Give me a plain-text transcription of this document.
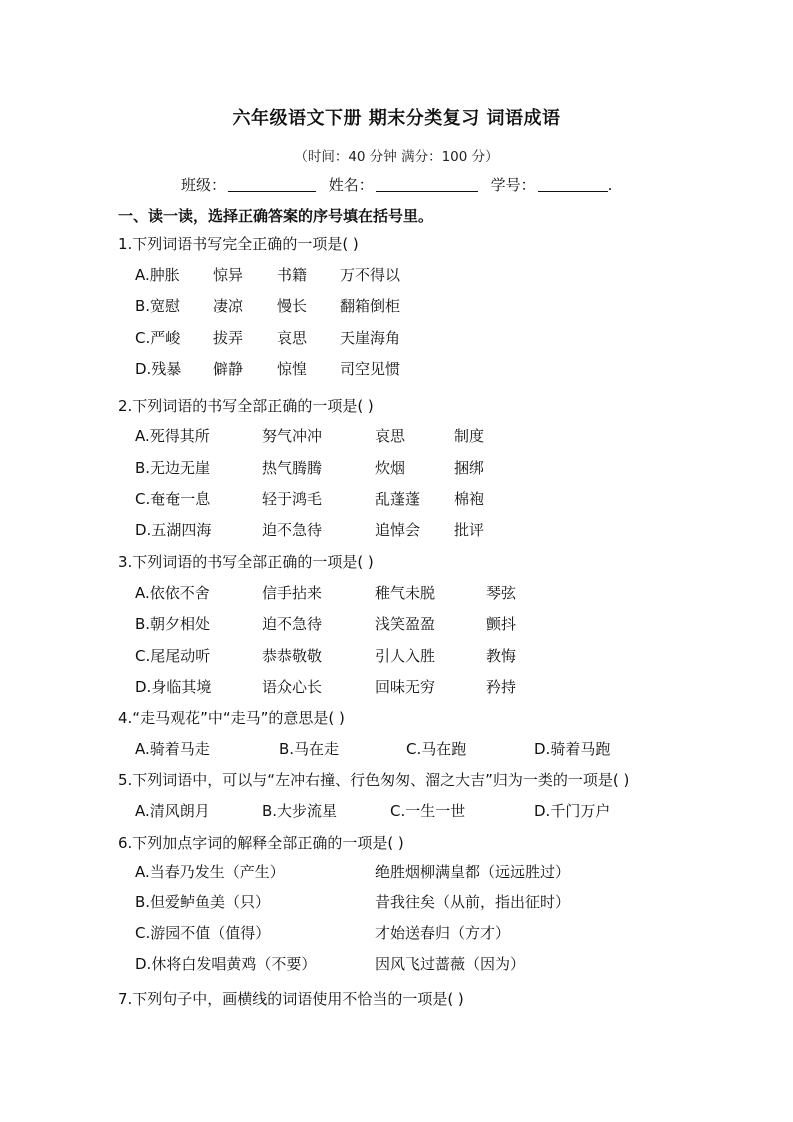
六年级语文下册 期末分类复习 词语成语
（时间：40 分钟 满分：100 分）
班级：	姓名：	学号：	.
一、读一读，选择正确答案的序号填在括号里。
1.下列词语书写完全正确的一项是( )
A.肿胀 惊异 书籍 万不得以
B.宽慰 凄凉 慢长 翻箱倒柜
C.严峻 拔弄 哀思 天崖海角
D.残暴 僻静 惊惶 司空见惯
2.下列词语的书写全部正确的一项是( )
A.死得其所	努气冲冲	哀思	制度
B.无边无崖	热气腾腾	炊烟	捆绑
C.奄奄一息	轻于鸿毛	乱蓬蓬 棉袍
D.五湖四海	迫不急待	追悼会 批评
3.下列词语的书写全部正确的一项是( )
A.依依不舍	信手拈来	稚气未脱	琴弦
B.朝夕相处	迫不急待	浅笑盈盈	颤抖
C.尾尾动听	恭恭敬敬	引人入胜	教悔
D.身临其境	语众心长	回味无穷	矜持
4.“走马观花”中“走马”的意思是( )
A.骑着马走	B.马在走	C.马在跑	D.骑着马跑
5.下列词语中，可以与“左冲右撞、行色匆匆、溜之大吉”归为一类的一项是( )
A.清风朗月	B.大步流星	C.一生一世	D.千门万户
6.下列加点字词的解释全部正确的一项是( )
A.当春乃发生（产生）	绝胜烟柳满皇都（远远胜过）
B.但爱鲈鱼美（只）	昔我往矣（从前，指出征时）
C.游园不值（值得）	才始送春归（方才）
D.休将白发唱黄鸡（不要）	因风飞过蔷薇（因为）
7.下列句子中，画横线的词语使用不恰当的一项是( )
